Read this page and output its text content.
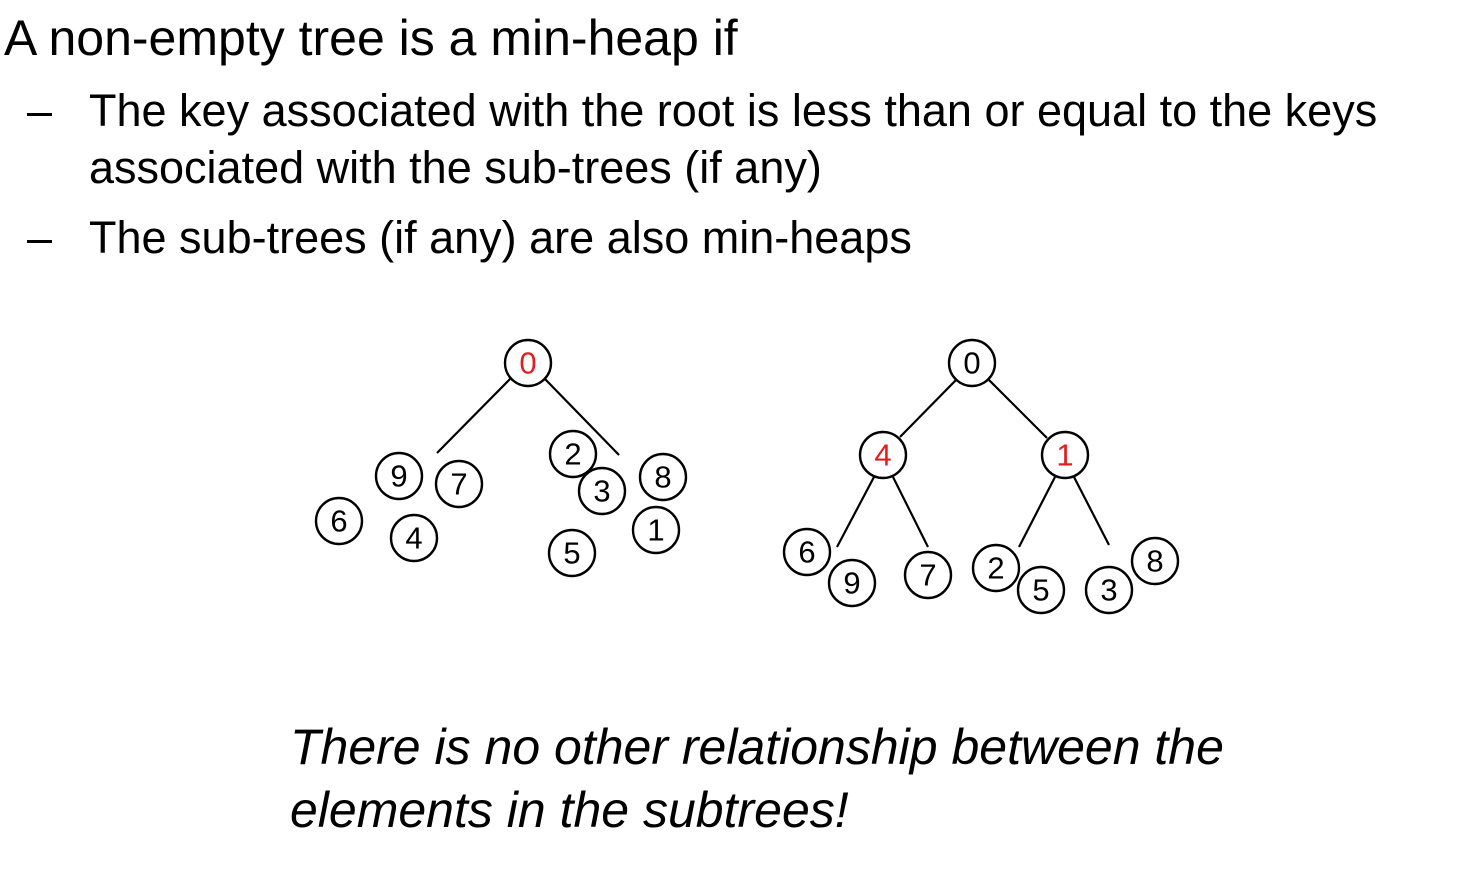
A non-empty tree is a min-heap if
– The key associated with the root is less than or equal to the keys
associated with the sub-trees (if any)
– The sub-trees (if any) are also min-heaps
0
9 7
6 4
2
3 8
1
5
0
4	1
6
9 7 2
5 3
8
There is no other relationship between the
elements in the subtrees!
